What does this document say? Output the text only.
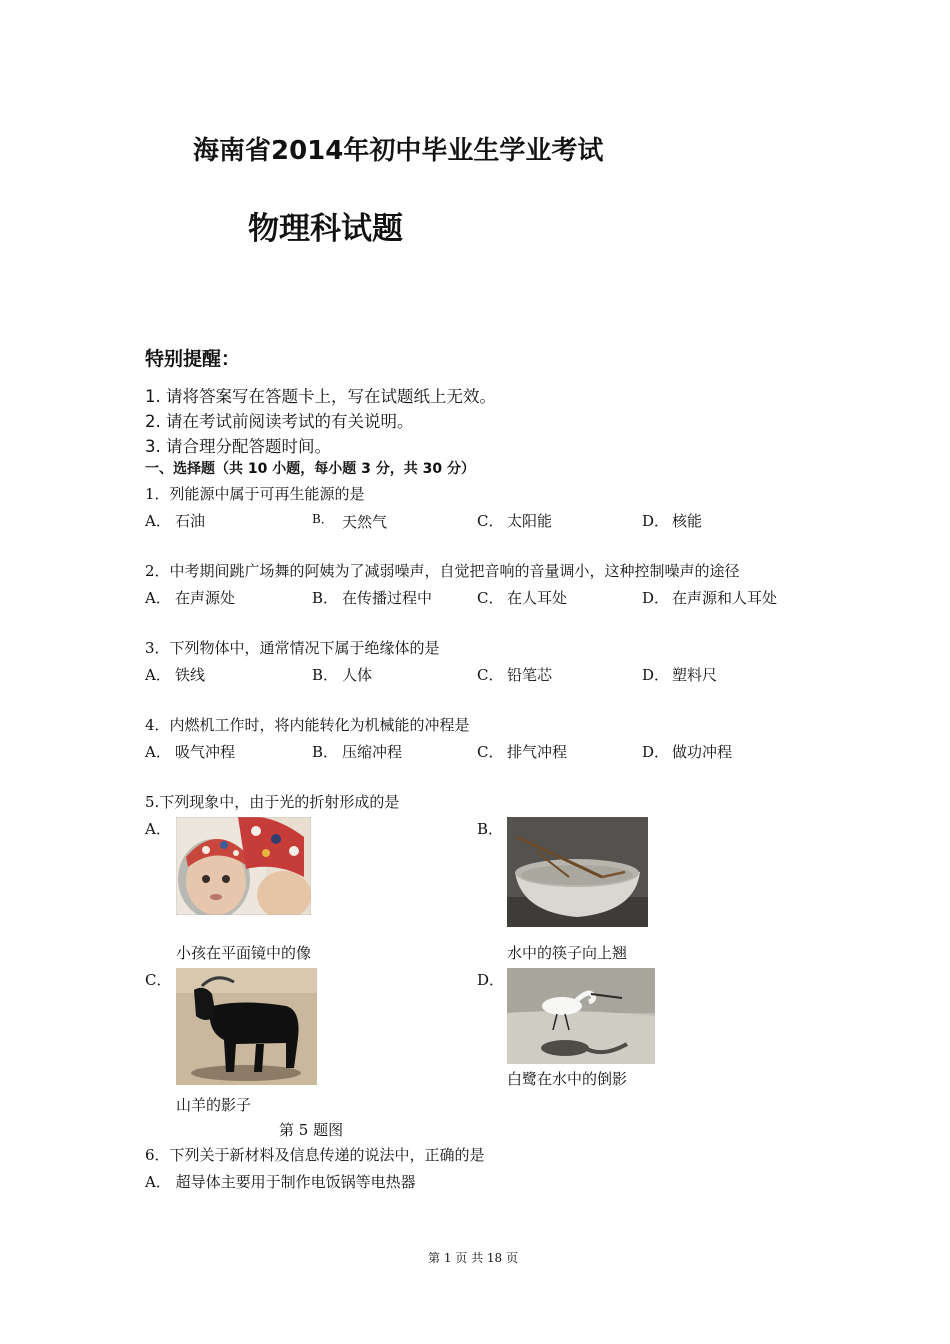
海南省2014年初中毕业生学业考试
物理科试题
特别提醒：
1. 请将答案写在答题卡上，写在试题纸上无效。
2. 请在考试前阅读考试的有关说明。
3. 请合理分配答题时间。
一、选择题（共 10 小题，每小题 3 分，共 30 分）
1．列能源中属于可再生能源的是
A． 石油	B． 天然气	C． 太阳能	D． 核能
2．中考期间跳广场舞的阿姨为了减弱噪声，自觉把音响的音量调小，这种控制噪声的途径
A． 在声源处	B． 在传播过程中	C． 在人耳处	D． 在声源和人耳处
3．下列物体中，通常情况下属于绝缘体的是
A． 铁线	B． 人体	C． 铅笔芯	D． 塑料尺
4．内燃机工作时，将内能转化为机械能的冲程是
A． 吸气冲程	B． 压缩冲程	C． 排气冲程	D． 做功冲程
5.下列现象中，由于光的折射形成的是
A．
小孩在平面镜中的像
B．
水中的筷子向上翘
C．
山羊的影子
D．
白鹭在水中的倒影
第 5 题图
6．下列关于新材料及信息传递的说法中，正确的是
A． 超导体主要用于制作电饭锅等电热器
第 1 页 共 18 页
